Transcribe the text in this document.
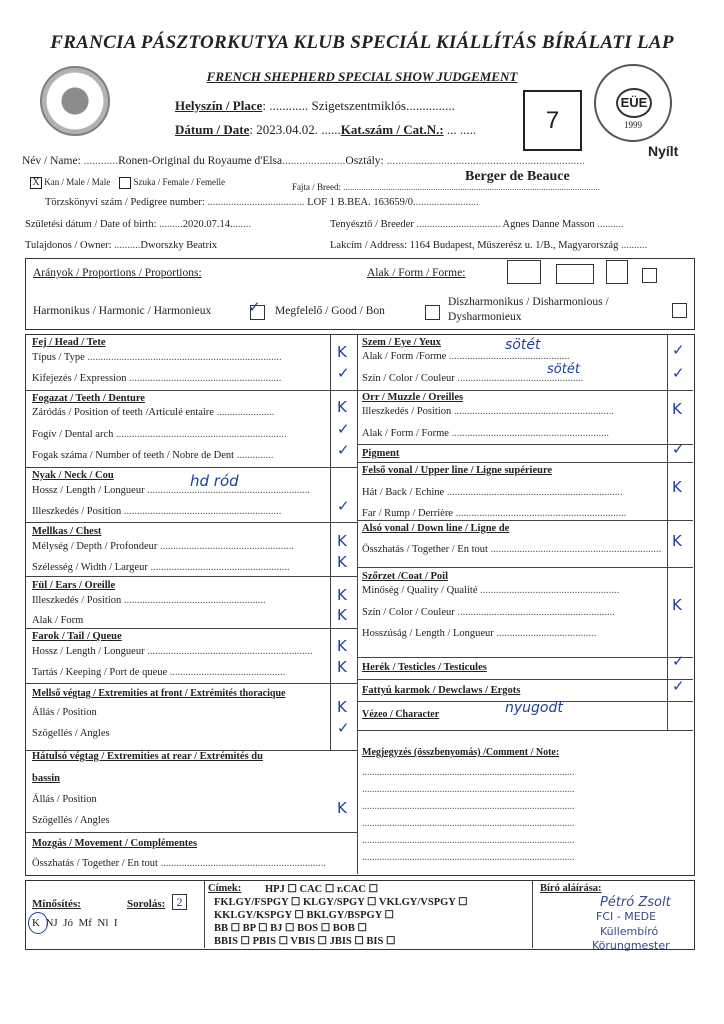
FRANCIA PÁSZTORKUTYA KLUB SPECIÁL KIÁLLÍTÁS BÍRÁLATI LAP
FRENCH SHEPHERD SPECIAL SHOW JUDGEMENT
EÜE
1999
Helyszín / Place: ............ Szigetszentmiklós...............
Dátum / Date: 2023.04.02. ......Kat.szám / Cat.N.: ... .....	7
Név / Name: ............Ronen-Original du Royaume d'Elsa......................Osztály: .....................................................................
Nyílt
X Kan / Male / Male	Szuka / Female / Femelle	Fajta / Breed: ..................................................................................................................
Berger de Beauce
Törzskönyvi szám / Pedigree number: ..................................... LOF 1 B.BEA. 163659/0.........................
Születési dátum / Date of birth: .........2020.07.14........	Tenyésztő / Breeder ................................ Agnes Danne Masson ..........
Tulajdonos / Owner: ..........Dworszky Beatrix	Lakcím / Address: 1164 Budapest, Müszerész u. 1/B., Magyarország ..........
Arányok / Proportions / Proportions:	Alak / Form / Forme:
Harmonikus / Harmonic / Harmonieux ✓ Megfelelő / Good / Bon
Diszharmonikus / Disharmonious /
Dysharmonieux
Fej / Head / Tete
Típus / Type ..........................................................................	K
Kifejezés / Expression ..........................................................	✓
Fogazat / Teeth / Denture
Záródás / Position of teeth /Articulé entaire ......................	K
Fogív / Dental arch .................................................................	✓
Fogak száma / Number of teeth / Nobre de Dent ..............	✓
Nyak / Neck / Cou
Hossz / Length / Longueur ..............................................................
hd ród
Illeszkedés / Position ............................................................	✓
Mellkas / Chest
Mélység / Depth / Profondeur ...................................................	K
Szélesség / Width / Largeur .....................................................	K
Fül / Ears / Oreille
Illeszkedés / Position ......................................................	K
Alak / Form	K
Farok / Tail / Queue
Hossz / Length / Longueur ............................................................... K
Tartás / Keeping / Port de queue ............................................	K
Mellső végtag / Extremities at front / Extrémités thoracique
Állás / Position	K
Szögellés / Angles	✓
Hátulsó végtag / Extremities at rear / Extrémités du
bassin
Állás / Position
Szögellés / Angles
K
Mozgás / Movement / Complémentes
Összhatás / Together / En tout ...............................................................
Szem / Eye / Yeux
Alak / Form /Forme ..............................................
sötét	✓
Szín / Color / Couleur ................................................
sötét	✓
Orr / Muzzle / Oreilles
Illeszkedés / Position .............................................................	K
Alak / Form / Forme ............................................................
Pigment	✓
Felső vonal / Upper line / Ligne supérieure
Hát / Back / Echine ...................................................................	K
Far / Rump / Derrière .................................................................
Alsó vonal / Down line / Ligne de
Összhatás / Together / En tout ................................................................. K
Szőrzet /Coat / Poil
Minőség / Quality / Qualité .....................................................
Szín / Color / Couleur ............................................................	K
Hosszúság / Length / Longueur ......................................
Herék / Testicles / Testicules	✓
Fattyú karmok / Dewclaws / Ergots	✓
Vézeo / Character	nyugodt
Megjegyzés (összbenyomás) /Comment / Note:
.....................................................................................
.....................................................................................
.....................................................................................
.....................................................................................
.....................................................................................
.....................................................................................
Minősítés:	Sorolás: 2
K  NJ  Jó  Mf  Nl  I
Címek: HPJ ☐ CAC ☐ r.CAC ☐
FKLGY/FSPGY ☐ KLGY/SPGY ☐ VKLGY/VSPGY ☐
KKLGY/KSPGY ☐ BKLGY/BSPGY ☐
BB ☐ BP ☐ BJ ☐ BOS ☐ BOB ☐
BBIS ☐ PBIS ☐ VBIS ☐ JBIS ☐ BIS ☐
Bíró aláírása:
Pétró Zsolt
FCI - MEDE
Küllembíró
Körungmester
